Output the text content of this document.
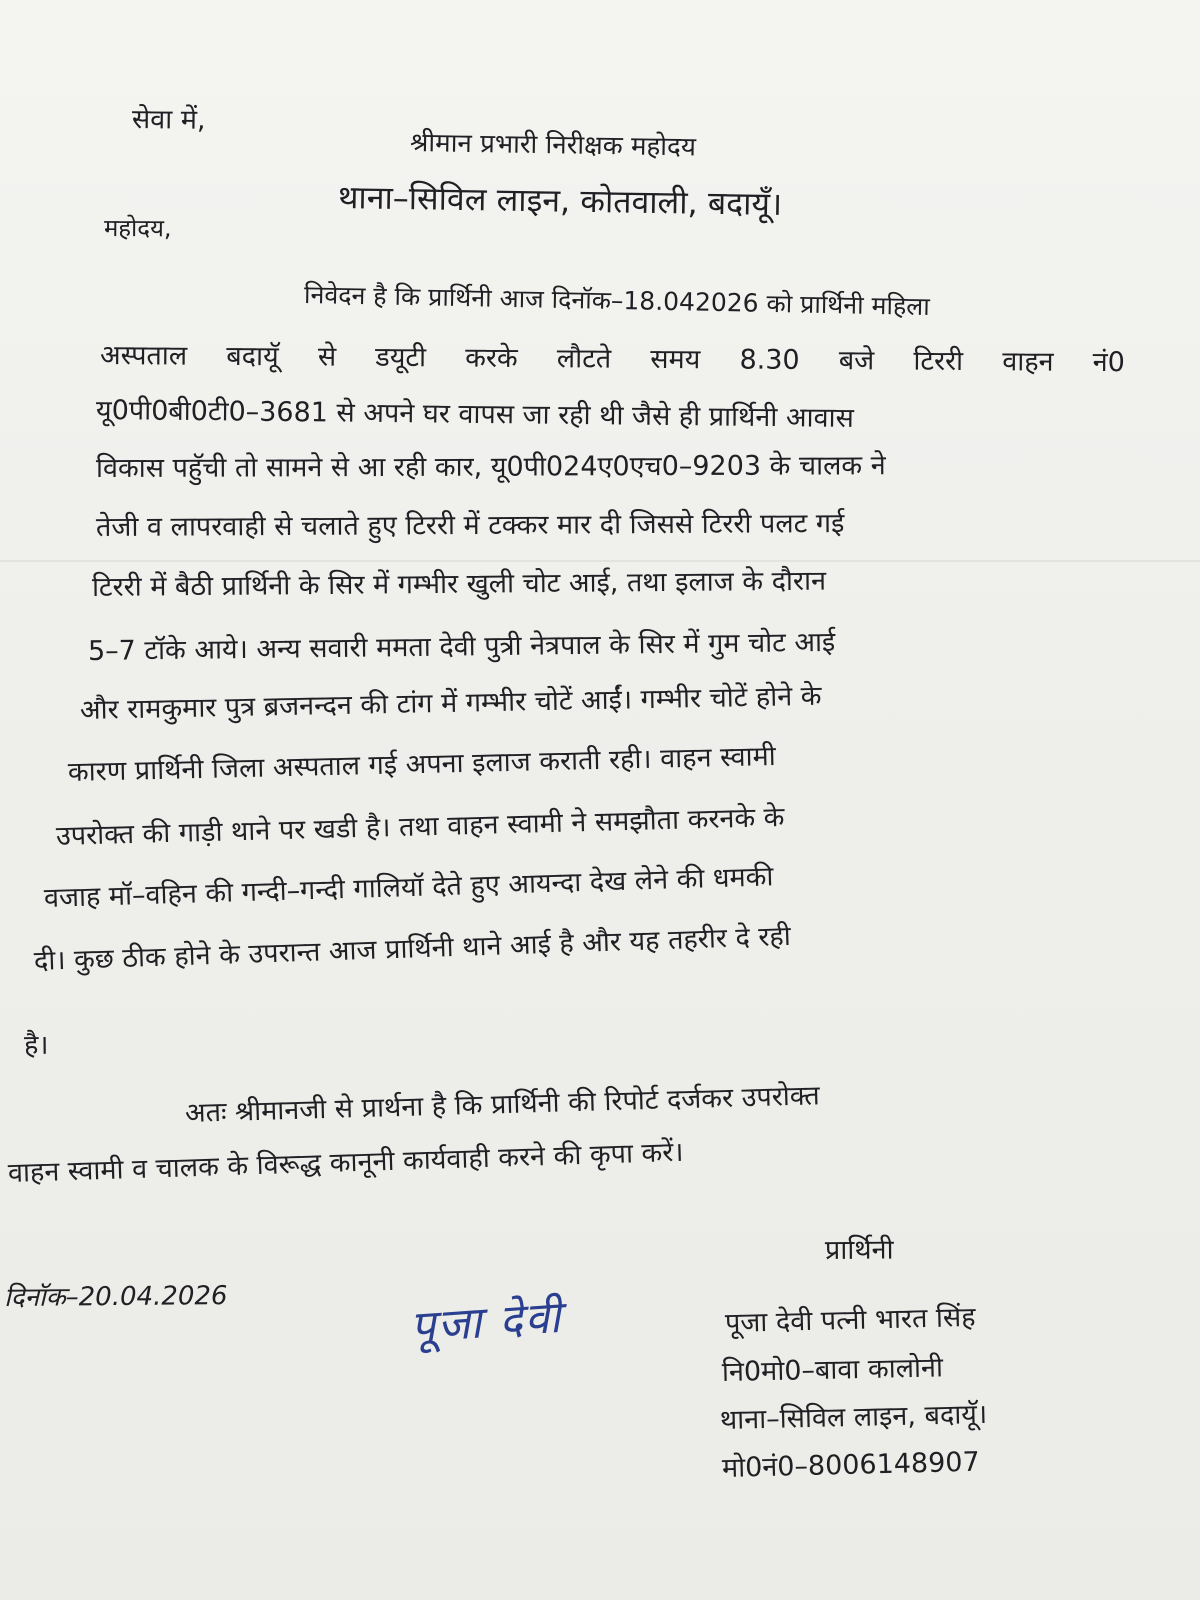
सेवा में,
श्रीमान प्रभारी निरीक्षक महोदय
थाना–सिविल लाइन, कोतवाली, बदायूँ।
महोदय,
निवेदन है कि प्रार्थिनी आज दिनॉक–18.042026 को प्रार्थिनी महिला
अस्पताल बदायूॅ से डयूटी करके लौटते समय 8.30 बजे टिररी वाहन नं0
यू0पी0बी0टी0–3681 से अपने घर वापस जा रही थी जैसे ही प्रार्थिनी आवास
विकास पहुॅची तो सामने से आ रही कार, यू0पी024ए0एच0–9203 के चालक ने
तेजी व लापरवाही से चलाते हुए टिररी में टक्कर मार दी जिससे टिररी पलट गई
टिररी में बैठी प्रार्थिनी के सिर में गम्भीर खुली चोट आई, तथा इलाज के दौरान
5–7 टॉके आये। अन्य सवारी ममता देवी पुत्री नेत्रपाल के सिर में गुम चोट आई
और रामकुमार पुत्र ब्रजनन्दन की टांग में गम्भीर चोटें आईं। गम्भीर चोटें होने के
कारण प्रार्थिनी जिला अस्पताल गई अपना इलाज कराती रही। वाहन स्वामी
उपरोक्त की गाड़ी थाने पर खडी है। तथा वाहन स्वामी ने समझौता करनके के
वजाह मॉ–वहिन की गन्दी–गन्दी गालियॉ देते हुए आयन्दा देख लेने की धमकी
दी। कुछ ठीक होने के उपरान्त आज प्रार्थिनी थाने आई है और यह तहरीर दे रही
है।
अतः श्रीमानजी से प्रार्थना है कि प्रार्थिनी की रिपोर्ट दर्जकर उपरोक्त
वाहन स्वामी व चालक के विरूद्ध कानूनी कार्यवाही करने की कृपा करें।
प्रार्थिनी
दिनॉक–20.04.2026	पूजा देवी	पूजा देवी पत्नी भारत सिंह
नि0मो0–बावा कालोनी
थाना–सिविल लाइन, बदायूॅ।
मो0नं0–8006148907
